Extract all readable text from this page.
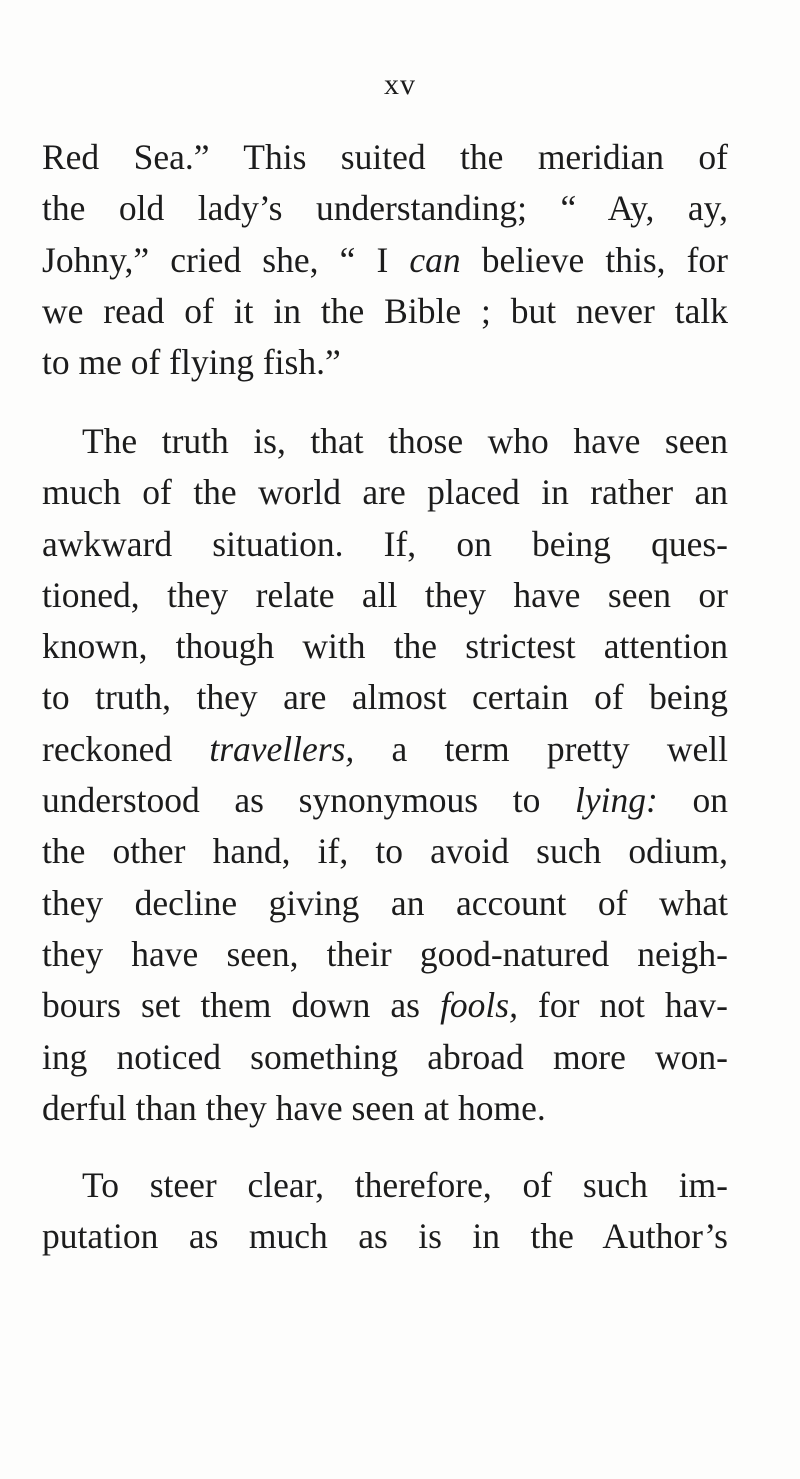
xv
Red Sea.” This suited the meridian of
the old lady’s understanding; “ Ay, ay,
Johny,” cried she, “ I can believe this, for
we read of it in the Bible ; but never talk
to me of flying fish.”
The truth is, that those who have seen
much of the world are placed in rather an
awkward situation. If, on being ques-
tioned, they relate all they have seen or
known, though with the strictest attention
to truth, they are almost certain of being
reckoned travellers, a term pretty well
understood as synonymous to lying: on
the other hand, if, to avoid such odium,
they decline giving an account of what
they have seen, their good-natured neigh-
bours set them down as fools, for not hav-
ing noticed something abroad more won-
derful than they have seen at home.
To steer clear, therefore, of such im-
putation as much as is in the Author’s
